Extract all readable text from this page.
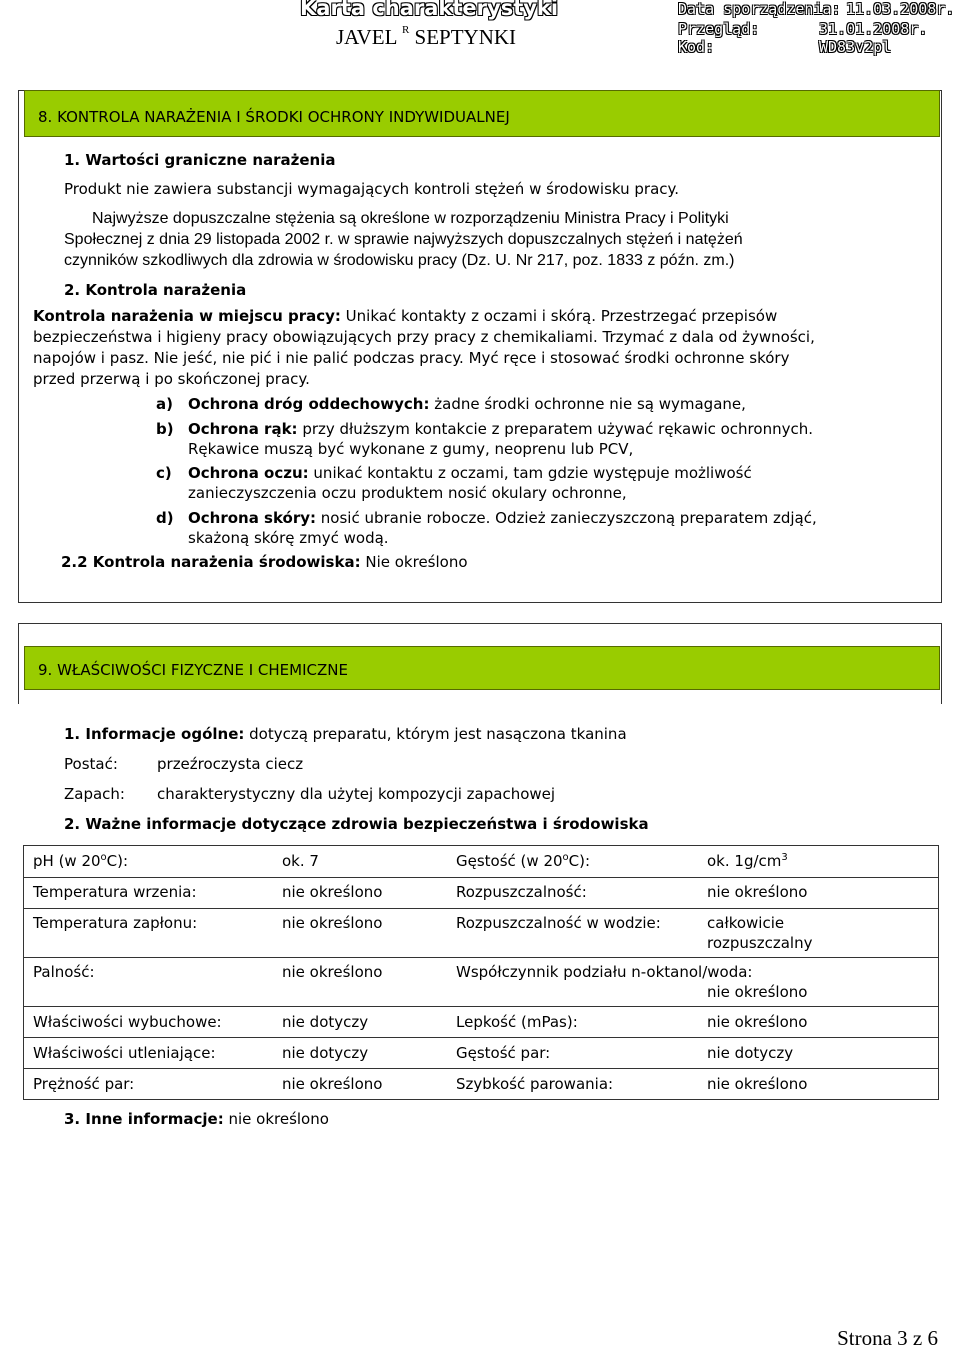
Karta charakterystyki
JAVEL $^R$ SEPTYNKI
Data sporządzenia: 11.03.2008r.
Przegląd:	31.01.2008r.
Kod:	WD83v2pl
8. KONTROLA NARAŻENIA I ŚRODKI OCHRONY INDYWIDUALNEJ
1. Wartości graniczne narażenia
Produkt nie zawiera substancji wymagających kontroli stężeń w środowisku pracy.
Najwyższe dopuszczalne stężenia są określone w rozporządzeniu Ministra Pracy i Polityki
Społecznej z dnia 29 listopada 2002 r. w sprawie najwyższych dopuszczalnych stężeń i natężeń
czynników szkodliwych dla zdrowia w środowisku pracy (Dz. U. Nr 217, poz. 1833 z późn. zm.)
2. Kontrola narażenia
Kontrola narażenia w miejscu pracy: Unikać kontakty z oczami i skórą. Przestrzegać przepisów
bezpieczeństwa i higieny pracy obowiązujących przy pracy z chemikaliami. Trzymać z dala od żywności,
napojów i pasz. Nie jeść, nie pić i nie palić podczas pracy. Myć ręce i stosować środki ochronne skóry
przed przerwą i po skończonej pracy.
a) Ochrona dróg oddechowych: żadne środki ochronne nie są wymagane,
b) Ochrona rąk: przy dłuższym kontakcie z preparatem używać rękawic ochronnych.
Rękawice muszą być wykonane z gumy, neoprenu lub PCV,
c) Ochrona oczu: unikać kontaktu z oczami, tam gdzie występuje możliwość
zanieczyszczenia oczu produktem nosić okulary ochronne,
d) Ochrona skóry: nosić ubranie robocze. Odzież zanieczyszczoną preparatem zdjąć,
skażoną skórę zmyć wodą.
2.2 Kontrola narażenia środowiska: Nie określono
9. WŁAŚCIWOŚCI FIZYCZNE I CHEMICZNE
1. Informacje ogólne: dotyczą preparatu, którym jest nasączona tkanina
Postać:	przeźroczysta ciecz
Zapach: charakterystyczny dla użytej kompozycji zapachowej
2. Ważne informacje dotyczące zdrowia bezpieczeństwa i środowiska
pH (w 20$^o$C):	ok. 7	Gęstość (w 20$^o$C):	ok. $1g/cm^3$
Temperatura wrzenia:	nie określono	Rozpuszczalność:	nie określono
Temperatura zapłonu:	nie określono	Rozpuszczalność w wodzie:	całkowicie
rozpuszczalny
Palność:	nie określono	Współczynnik podziału n-oktanol/woda:
nie określono
Właściwości wybuchowe:	nie dotyczy	Lepkość (mPas):	nie określono
Właściwości utleniające:	nie dotyczy	Gęstość par:	nie dotyczy
Prężność par:	nie określono	Szybkość parowania:	nie określono
3. Inne informacje: nie określono
Strona 3 z 6
